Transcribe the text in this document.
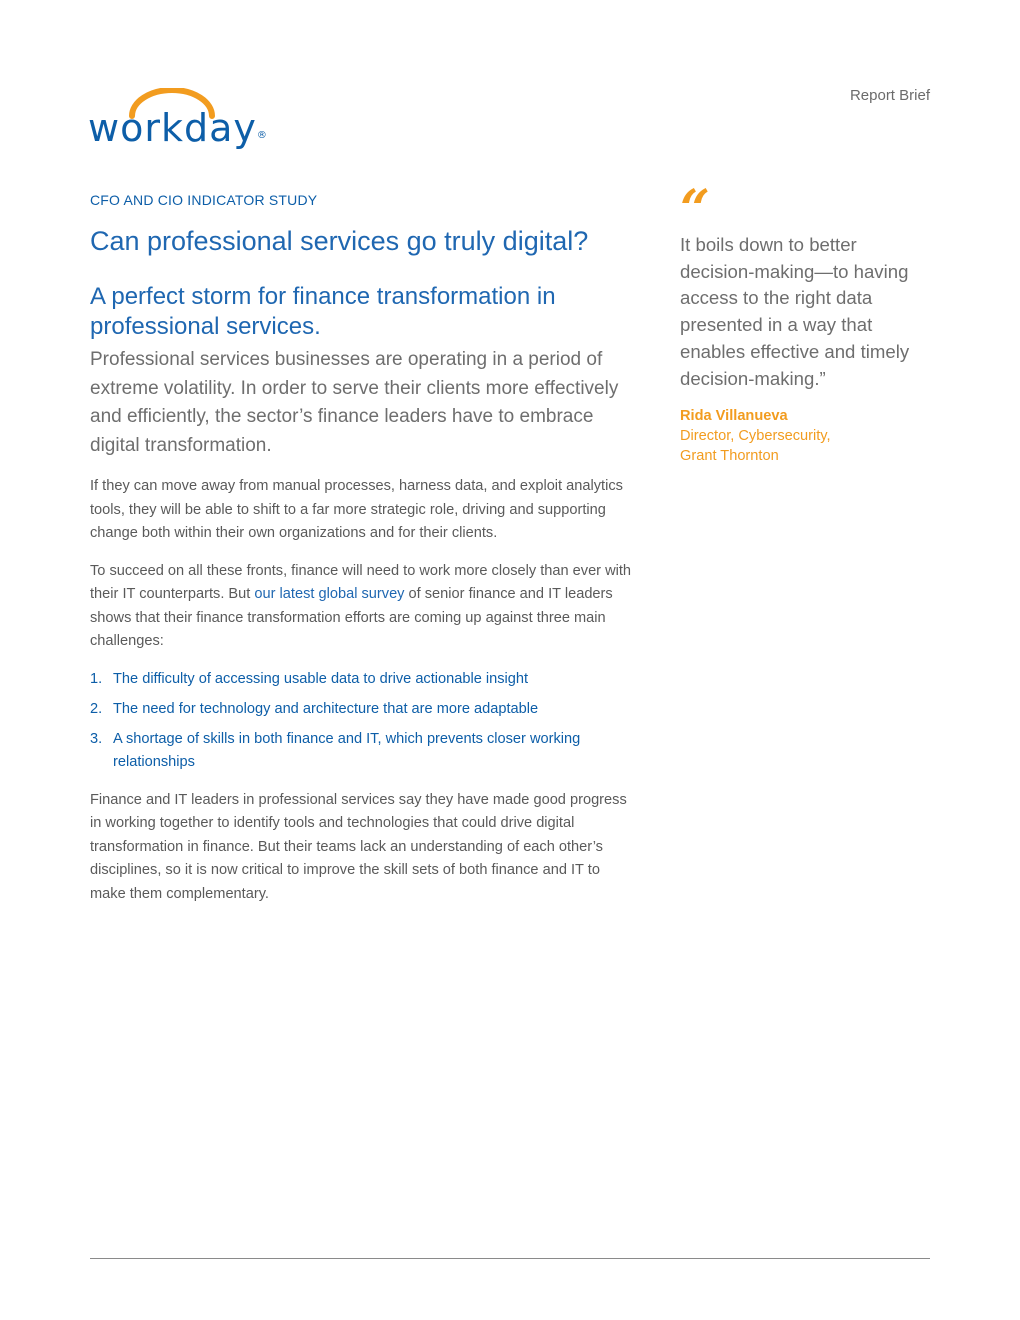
workday®
Report Brief

CFO AND CIO INDICATOR STUDY

Can professional services go truly digital?
A perfect storm for finance transformation in professional services.

Professional services businesses are operating in a period of extreme volatility. In order to serve their clients more effectively and efficiently, the sector’s finance leaders have to embrace digital transformation.

If they can move away from manual processes, harness data, and exploit analytics tools, they will be able to shift to a far more strategic role, driving and supporting change both within their own organizations and for their clients.

To succeed on all these fronts, finance will need to work more closely than ever with their IT counterparts. But our latest global survey of senior finance and IT leaders shows that their finance transformation efforts are coming up against three main challenges:

1. The difficulty of accessing usable data to drive actionable insight
2. The need for technology and architecture that are more adaptable
3. A shortage of skills in both finance and IT, which prevents closer working relationships

Finance and IT leaders in professional services say they have made good progress in working together to identify tools and technologies that could drive digital transformation in finance. But their teams lack an understanding of each other’s disciplines, so it is now critical to improve the skill sets of both finance and IT to make them complementary.

“

It boils down to better decision-making—to having access to the right data presented in a way that enables effective and timely decision-making.”

Rida Villanueva

Director, Cybersecurity,

Grant Thornton
